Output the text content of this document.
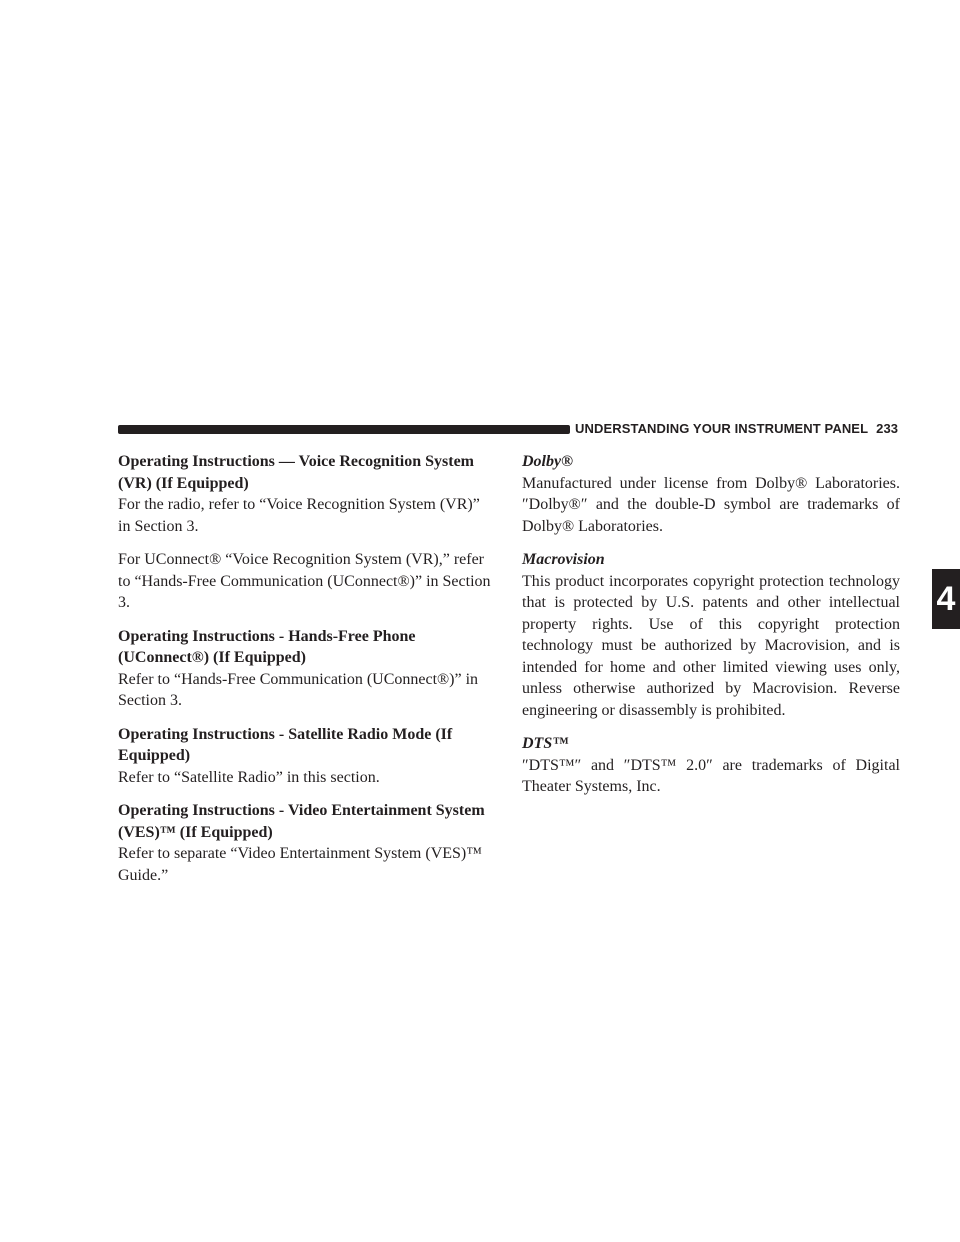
UNDERSTANDING YOUR INSTRUMENT PANEL 233
4
Operating Instructions — Voice Recognition System (VR) (If Equipped)

For the radio, refer to “Voice Recognition System (VR)” in Section 3.

For UConnect® “Voice Recognition System (VR),” refer to “Hands-Free Communication (UConnect®)” in Section 3.

Operating Instructions - Hands-Free Phone (UConnect®) (If Equipped)

Refer to “Hands-Free Communication (UConnect®)” in Section 3.

Operating Instructions - Satellite Radio Mode (If Equipped)

Refer to “Satellite Radio” in this section.

Operating Instructions - Video Entertainment System (VES)™ (If Equipped)

Refer to separate “Video Entertainment System (VES)™ Guide.”

Dolby®

Manufactured under license from Dolby® Laboratories. ″Dolby®″ and the double-D symbol are trademarks of Dolby® Laboratories.

Macrovision

This product incorporates copyright protection technology that is protected by U.S. patents and other intellectual property rights. Use of this copyright protection technology must be authorized by Macrovision, and is intended for home and other limited viewing uses only, unless otherwise authorized by Macrovision. Reverse engineering or disassembly is prohibited.

DTS™

″DTS™″ and ″DTS™ 2.0″ are trademarks of Digital Theater Systems, Inc.
